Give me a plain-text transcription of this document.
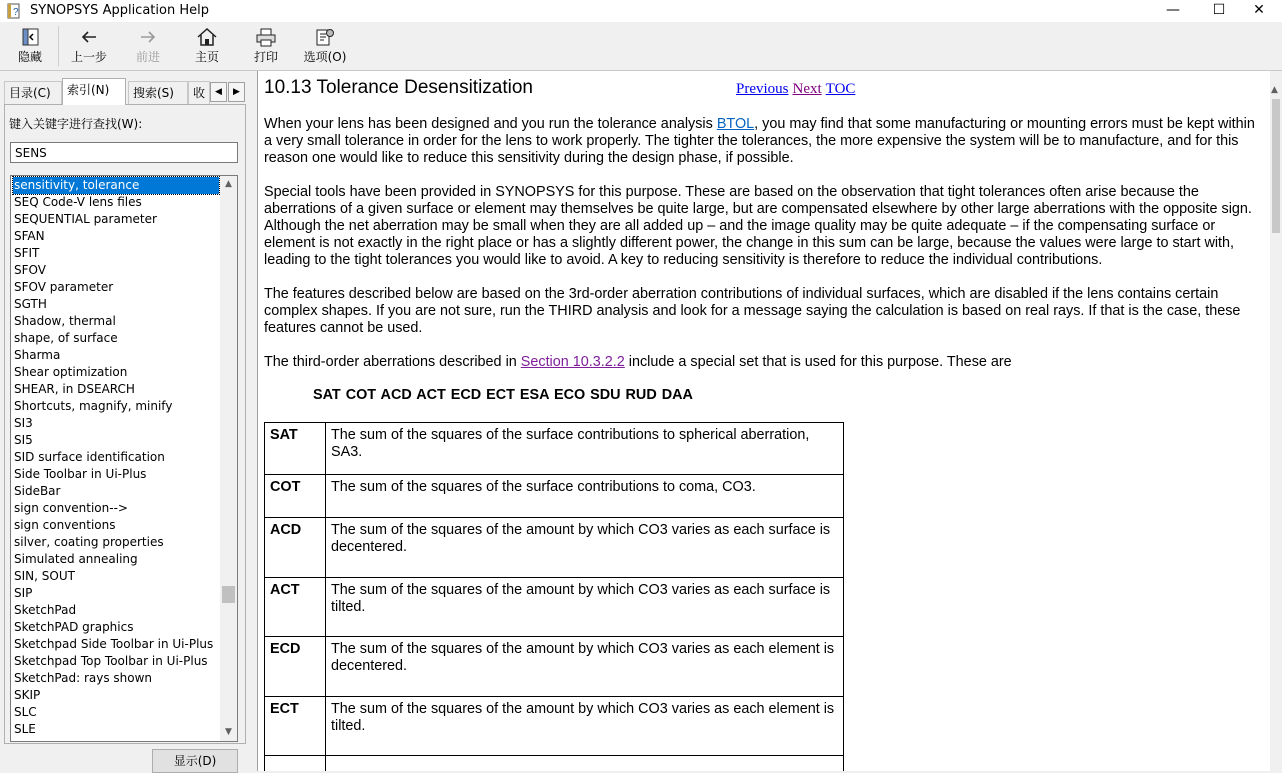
? SYNOPSYS Application Help	—	☐	✕
隐藏	上一步	前进	主页	打印	选项(O)
目录(C)	索引(N)	搜索(S)	收	◀	▶
键入关键字进行查找(W):
SENS
sensitivity, tolerance
SEQ Code-V lens files
SEQUENTIAL parameter
SFAN
SFIT
SFOV
SFOV parameter
SGTH
Shadow, thermal
shape, of surface
Sharma
Shear optimization
SHEAR, in DSEARCH
Shortcuts, magnify, minify
SI3
SI5
SID surface identification
Side Toolbar in Ui-Plus
SideBar
sign convention-->
sign conventions
silver, coating properties
Simulated annealing
SIN, SOUT
SIP
SketchPad
SketchPAD graphics
Sketchpad Side Toolbar in Ui-Plus
Sketchpad Top Toolbar in Ui-Plus
SketchPad: rays shown
SKIP
SLC
SLE
▲
▼
显示(D)
10.13 Tolerance Desensitization	Previous Next TOC
When your lens has been designed and you run the tolerance analysis BTOL, you may find that some manufacturing or mounting errors must be kept within a very small tolerance in order for the lens to work properly. The tighter the tolerances, the more expensive the system will be to manufacture, and for this reason one would like to reduce this sensitivity during the design phase, if possible.
Special tools have been provided in SYNOPSYS for this purpose. These are based on the observation that tight tolerances often arise because the aberrations of a given surface or element may themselves be quite large, but are compensated elsewhere by other large aberrations with the opposite sign. Although the net aberration may be small when they are all added up – and the image quality may be quite adequate – if the compensating surface or element is not exactly in the right place or has a slightly different power, the change in this sum can be large, because the values were large to start with, leading to the tight tolerances you would like to avoid. A key to reducing sensitivity is therefore to reduce the individual contributions.
The features described below are based on the 3rd-order aberration contributions of individual surfaces, which are disabled if the lens contains certain complex shapes. If you are not sure, run the THIRD analysis and look for a message saying the calculation is based on real rays. If that is the case, these features cannot be used.
The third-order aberrations described in Section 10.3.2.2 include a special set that is used for this purpose. These are
SAT COT ACD ACT ECD ECT ESA ECO SDU RUD DAA
SAT	The sum of the squares of the surface contributions to spherical aberration, SA3.
COT	The sum of the squares of the surface contributions to coma, CO3.
ACD	The sum of the squares of the amount by which CO3 varies as each surface is decentered.
ACT	The sum of the squares of the amount by which CO3 varies as each surface is tilted.
ECD	The sum of the squares of the amount by which CO3 varies as each element is decentered.
ECT	The sum of the squares of the amount by which CO3 varies as each element is tilted.

▲
